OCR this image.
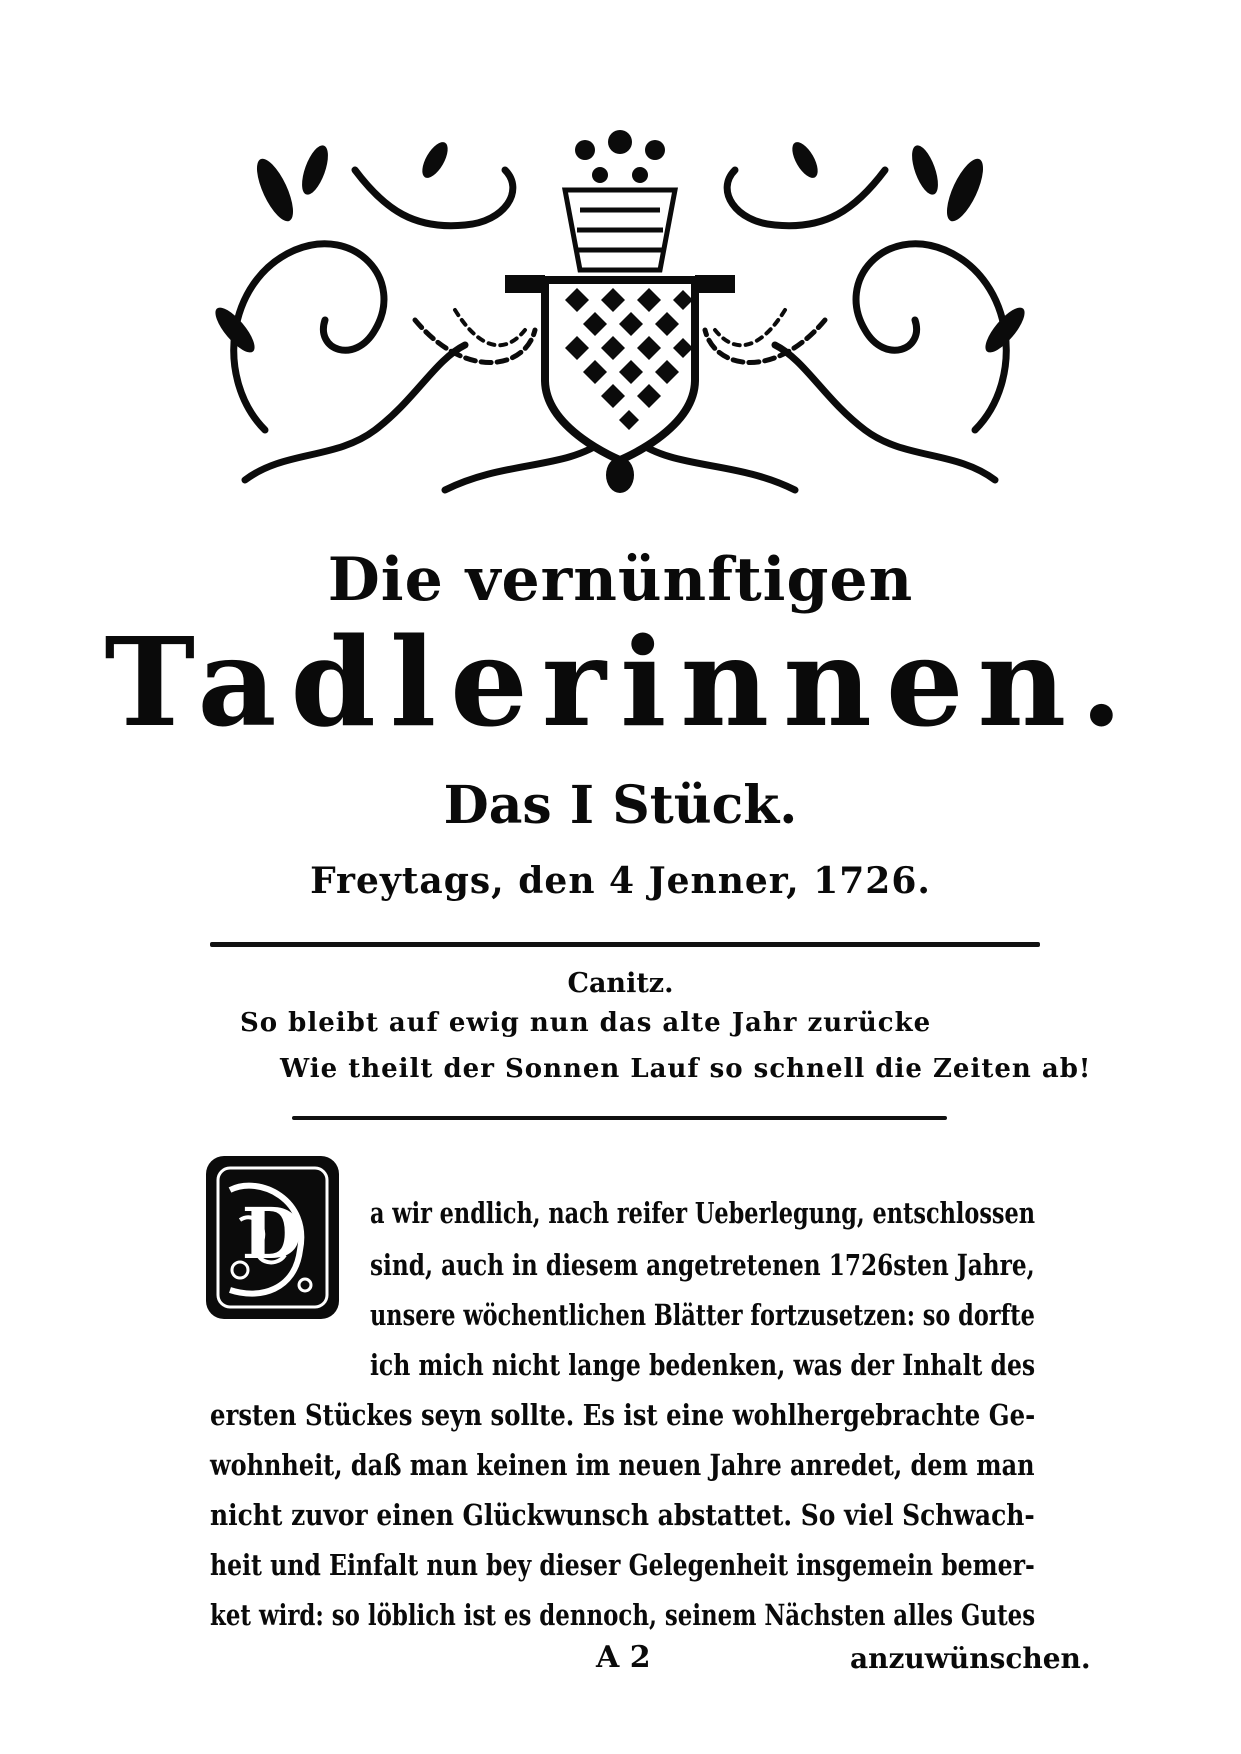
Die vernünftigen
Tadlerinnen.
Das I Stück.
Freytags, den 4 Jenner, 1726.
Canitz.
So bleibt auf ewig nun das alte Jahr zurücke
Wie theilt der Sonnen Lauf so schnell die Zeiten ab!
D a wir endlich, nach reifer Ueberlegung, entschlossen
sind, auch in diesem angetretenen 1726sten Jahre,
unsere wöchentlichen Blätter fortzusetzen: so dorfte
ich mich nicht lange bedenken, was der Inhalt des
ersten Stückes seyn sollte. Es ist eine wohlhergebrachte Ge-
wohnheit, daß man keinen im neuen Jahre anredet, dem man
nicht zuvor einen Glückwunsch abstattet. So viel Schwach-
heit und Einfalt nun bey dieser Gelegenheit insgemein bemer-
ket wird: so löblich ist es dennoch, seinem Nächsten alles Gutes
A 2	anzuwünschen.
